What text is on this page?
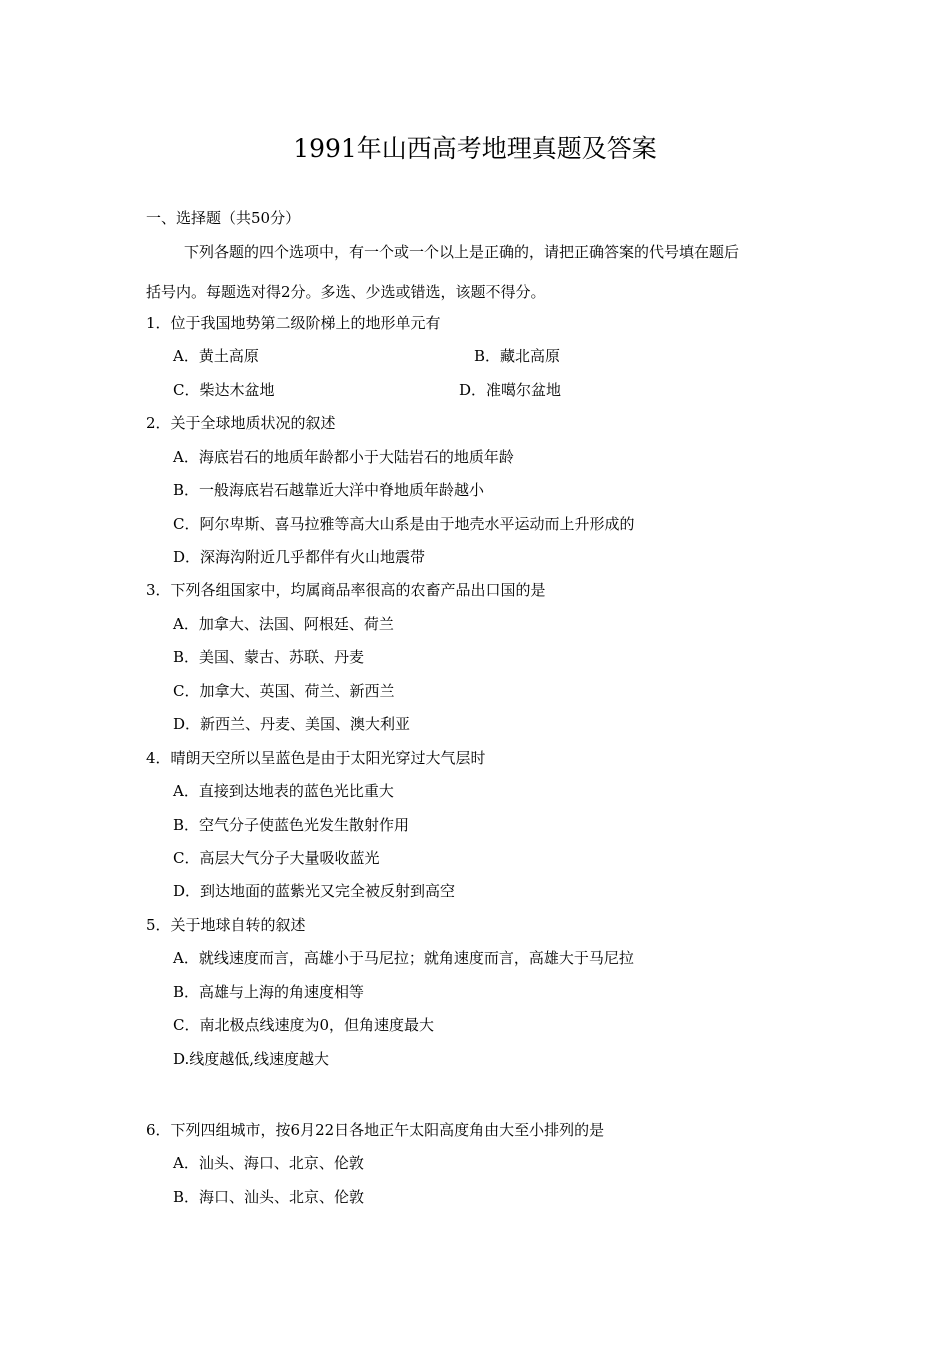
1991年山西高考地理真题及答案
一、选择题（共50分）
下列各题的四个选项中，有一个或一个以上是正确的，请把正确答案的代号填在题后
括号内。每题选对得2分。多选、少选或错选，该题不得分。
1．位于我国地势第二级阶梯上的地形单元有
A．黄土高原	B．藏北高原
C．柴达木盆地	D．准噶尔盆地
2．关于全球地质状况的叙述
A．海底岩石的地质年龄都小于大陆岩石的地质年龄
B．一般海底岩石越靠近大洋中脊地质年龄越小
C．阿尔卑斯、喜马拉雅等高大山系是由于地壳水平运动而上升形成的
D．深海沟附近几乎都伴有火山地震带
3．下列各组国家中，均属商品率很高的农畜产品出口国的是
A．加拿大、法国、阿根廷、荷兰
B．美国、蒙古、苏联、丹麦
C．加拿大、英国、荷兰、新西兰
D．新西兰、丹麦、美国、澳大利亚
4．晴朗天空所以呈蓝色是由于太阳光穿过大气层时
A．直接到达地表的蓝色光比重大
B．空气分子使蓝色光发生散射作用
C．高层大气分子大量吸收蓝光
D．到达地面的蓝紫光又完全被反射到高空
5．关于地球自转的叙述
A．就线速度而言，高雄小于马尼拉；就角速度而言，高雄大于马尼拉
B．高雄与上海的角速度相等
C．南北极点线速度为0，但角速度最大
D.线度越低,线速度越大
6．下列四组城市，按6月22日各地正午太阳高度角由大至小排列的是
A．汕头、海口、北京、伦敦
B．海口、汕头、北京、伦敦
